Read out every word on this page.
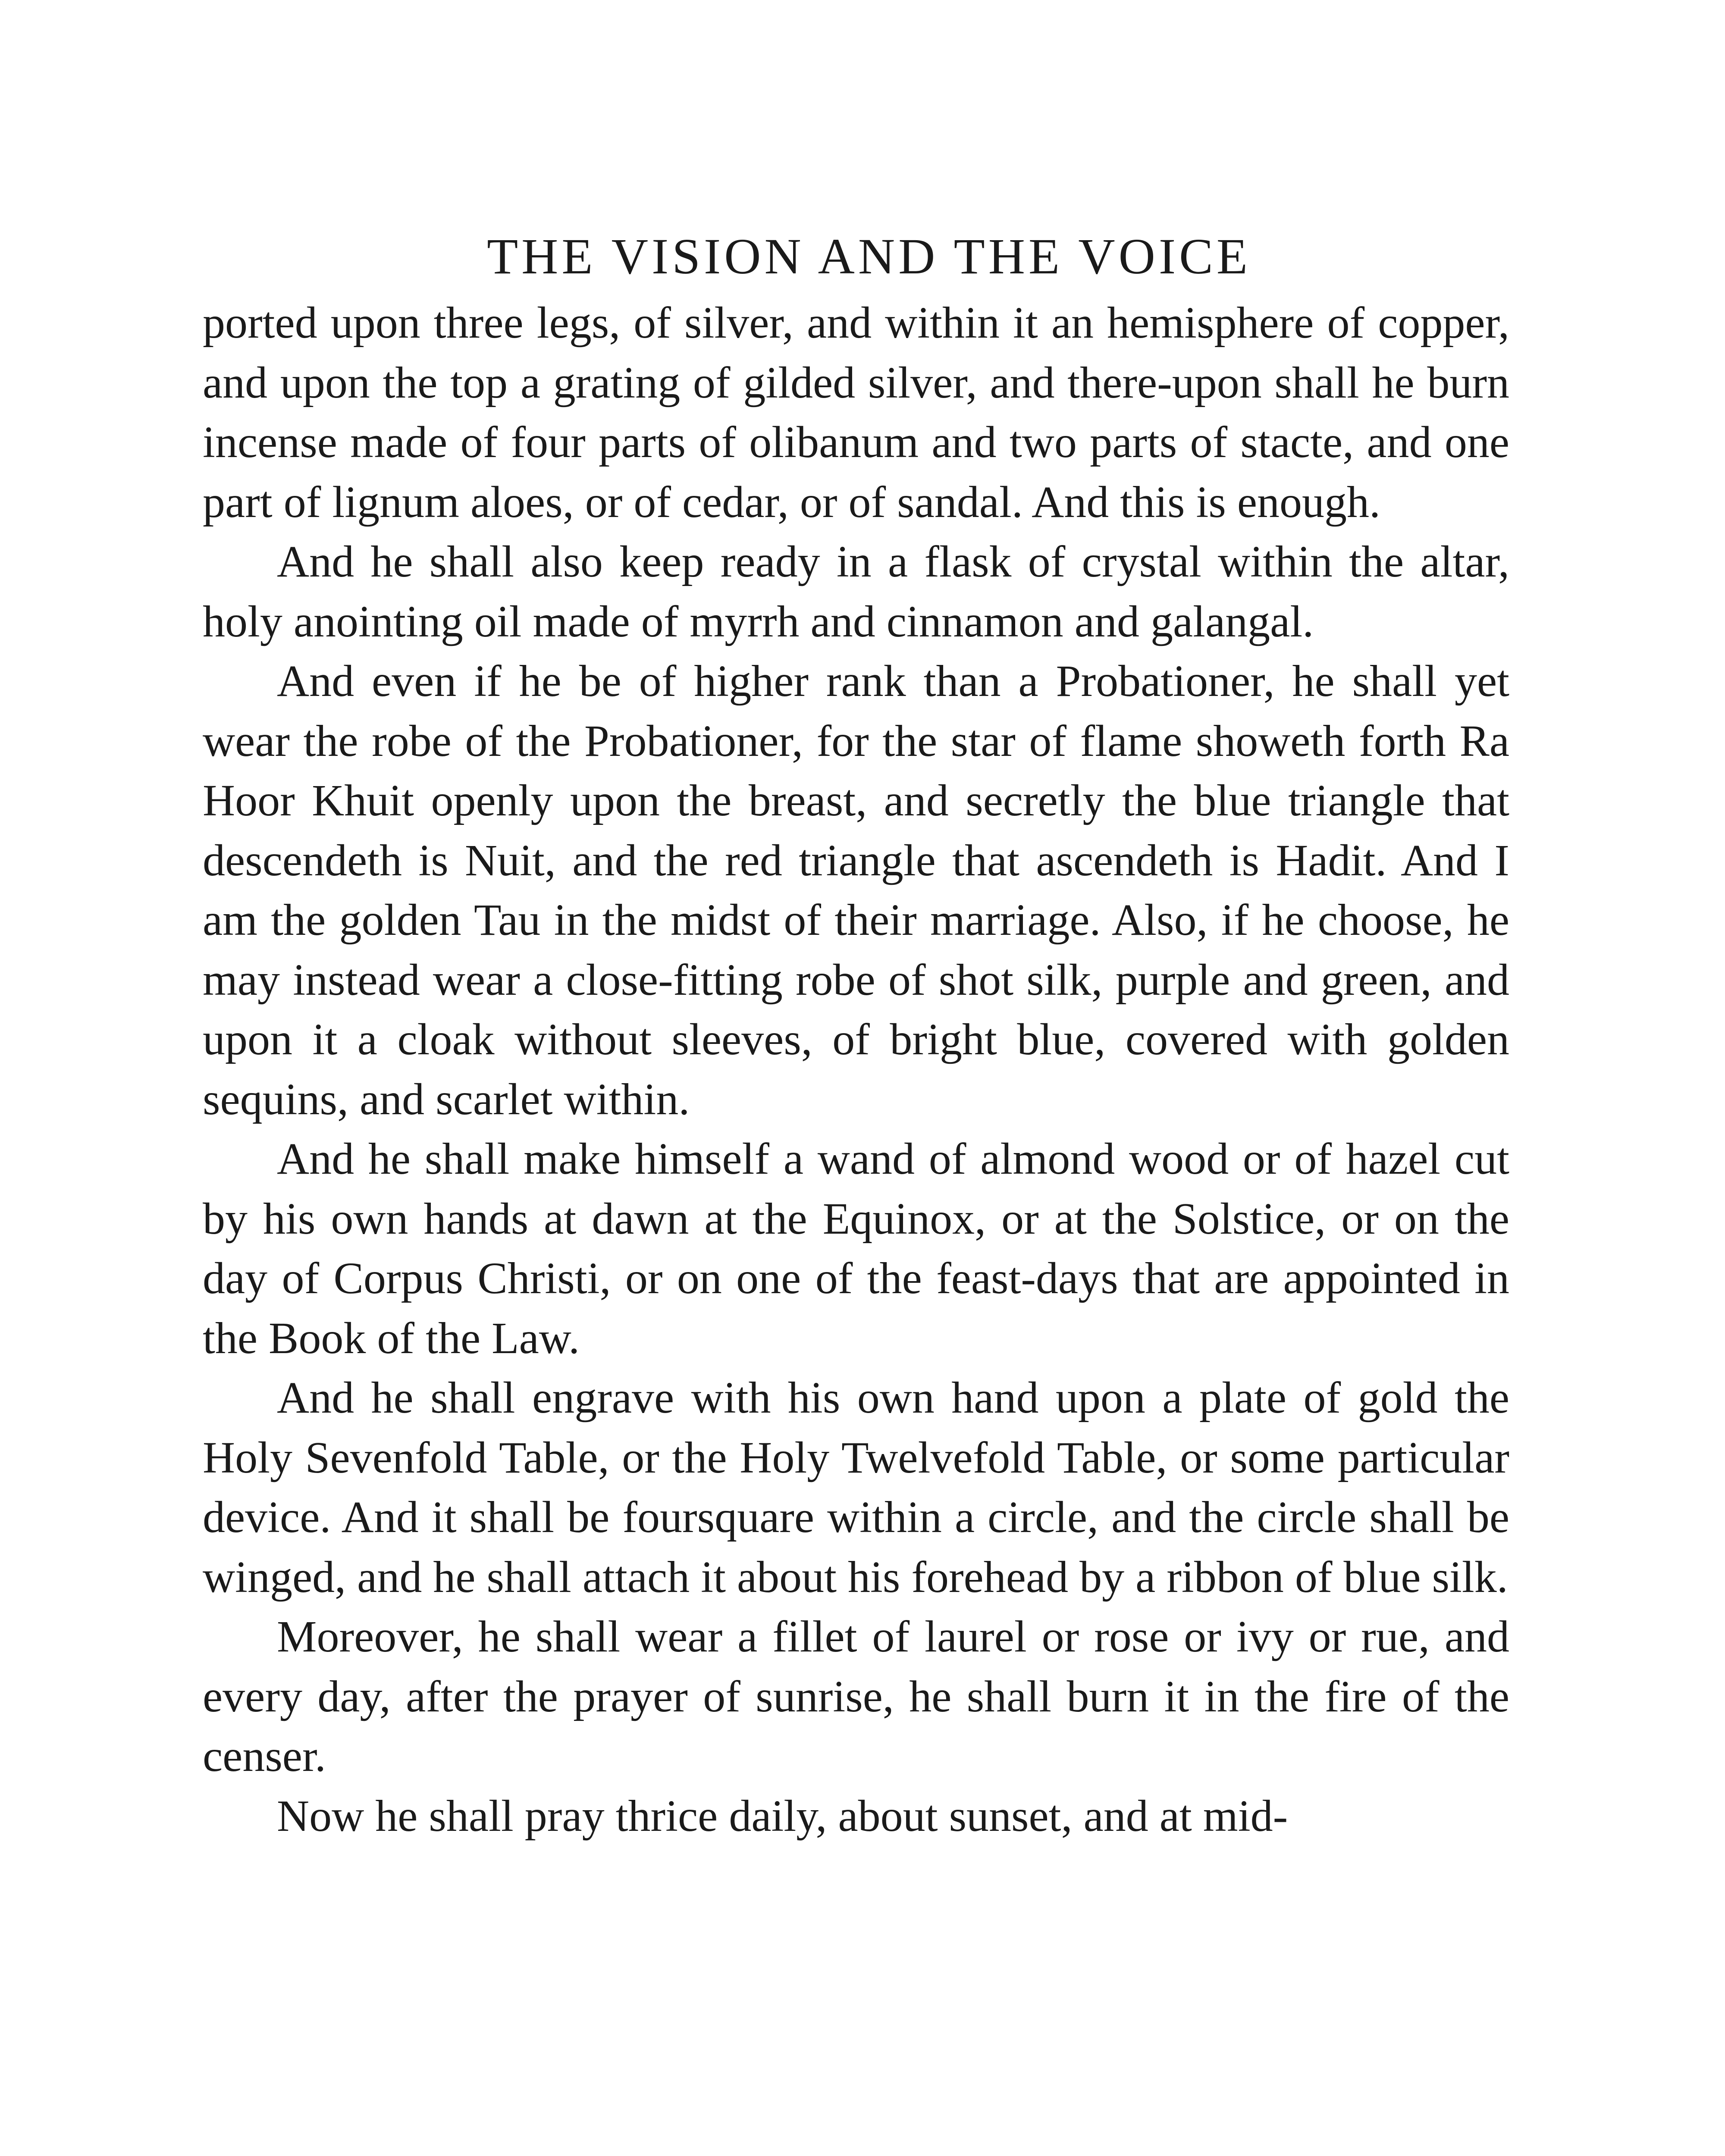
THE VISION AND THE VOICE

ported upon three legs, of silver, and within it an hemisphere of copper, and upon the top a grating of gilded silver, and there-upon shall he burn incense made of four parts of olibanum and two parts of stacte, and one part of lignum aloes, or of cedar, or of sandal. And this is enough.

And he shall also keep ready in a flask of crystal within the altar, holy anointing oil made of myrrh and cinnamon and galangal.

And even if he be of higher rank than a Probationer, he shall yet wear the robe of the Probationer, for the star of flame showeth forth Ra Hoor Khuit openly upon the breast, and secretly the blue triangle that descendeth is Nuit, and the red triangle that ascendeth is Hadit. And I am the golden Tau in the midst of their marriage. Also, if he choose, he may instead wear a close-fitting robe of shot silk, purple and green, and upon it a cloak without sleeves, of bright blue, covered with golden sequins, and scarlet within.

And he shall make himself a wand of almond wood or of hazel cut by his own hands at dawn at the Equinox, or at the Solstice, or on the day of Corpus Christi, or on one of the feast-days that are appointed in the Book of the Law.

And he shall engrave with his own hand upon a plate of gold the Holy Sevenfold Table, or the Holy Twelvefold Table, or some particular device. And it shall be foursquare within a circle, and the circle shall be winged, and he shall attach it about his forehead by a ribbon of blue silk.

Moreover, he shall wear a fillet of laurel or rose or ivy or rue, and every day, after the prayer of sunrise, he shall burn it in the fire of the censer.

Now he shall pray thrice daily, about sunset, and at mid-
